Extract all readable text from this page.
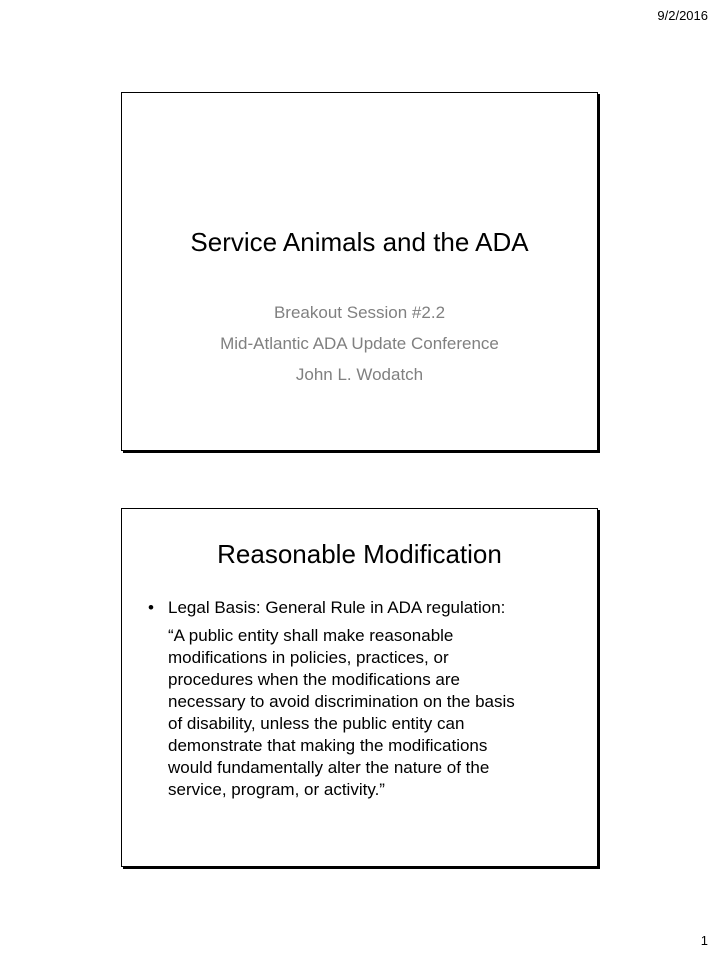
9/2/2016
Service Animals and the ADA
Breakout Session #2.2
Mid-Atlantic ADA Update Conference
John L. Wodatch
Reasonable Modification
• Legal Basis: General Rule in ADA regulation:
“A public entity shall make reasonable
modifications in policies, practices, or
procedures when the modifications are
necessary to avoid discrimination on the basis
of disability, unless the public entity can
demonstrate that making the modifications
would fundamentally alter the nature of the
service, program, or activity.”
1
